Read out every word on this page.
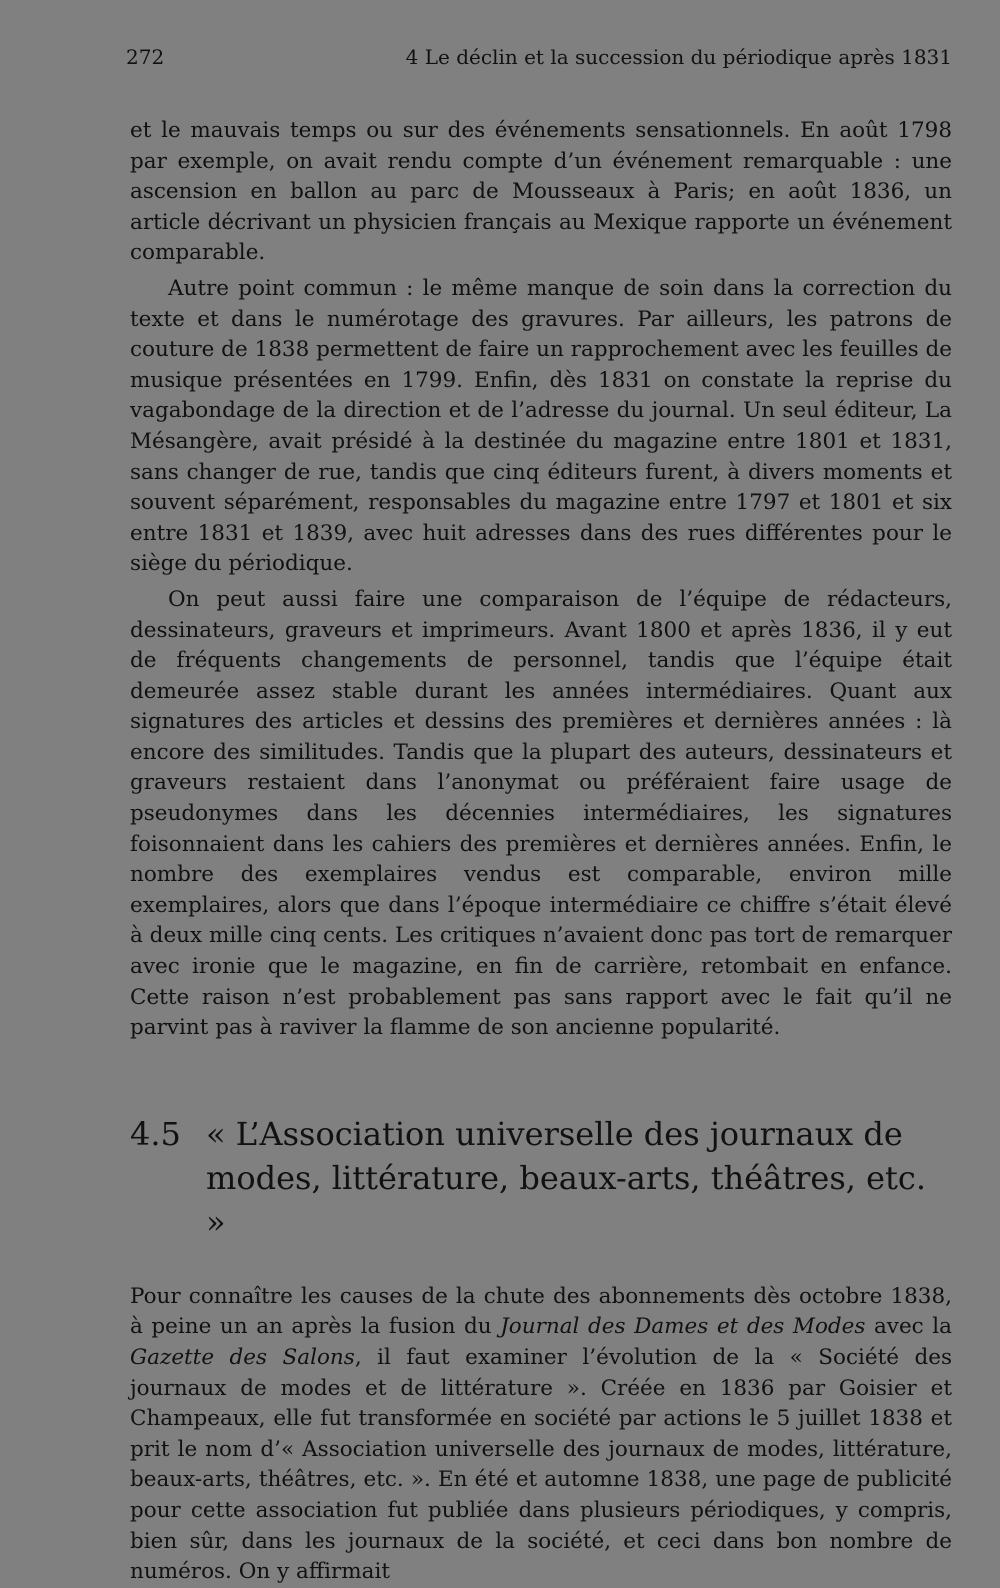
272	4 Le déclin et la succession du périodique après 1831

et le mauvais temps ou sur des événements sensationnels. En août 1798 par exemple, on avait rendu compte d’un événement remarquable : une ascension en ballon au parc de Mousseaux à Paris; en août 1836, un article décrivant un physicien français au Mexique rapporte un événement comparable.

Autre point commun : le même manque de soin dans la correction du texte et dans le numérotage des gravures. Par ailleurs, les patrons de couture de 1838 permettent de faire un rapprochement avec les feuilles de musique présentées en 1799. Enfin, dès 1831 on constate la reprise du vagabondage de la direction et de l’adresse du journal. Un seul éditeur, La Mésangère, avait présidé à la destinée du magazine entre 1801 et 1831, sans changer de rue, tandis que cinq éditeurs furent, à divers moments et souvent séparément, responsables du magazine entre 1797 et 1801 et six entre 1831 et 1839, avec huit adresses dans des rues différentes pour le siège du périodique.

On peut aussi faire une comparaison de l’équipe de rédacteurs, dessinateurs, graveurs et imprimeurs. Avant 1800 et après 1836, il y eut de fréquents changements de personnel, tandis que l’équipe était demeurée assez stable durant les années intermédiaires. Quant aux signatures des articles et dessins des premières et dernières années : là encore des similitudes. Tandis que la plupart des auteurs, dessinateurs et graveurs restaient dans l’anonymat ou préféraient faire usage de pseudonymes dans les décennies intermédiaires, les signatures foisonnaient dans les cahiers des premières et dernières années. Enfin, le nombre des exemplaires vendus est comparable, environ mille exemplaires, alors que dans l’époque intermédiaire ce chiffre s’était élevé à deux mille cinq cents. Les critiques n’avaient donc pas tort de remarquer avec ironie que le magazine, en fin de carrière, retombait en enfance. Cette raison n’est probablement pas sans rapport avec le fait qu’il ne parvint pas à raviver la flamme de son ancienne popularité.

4.5 « L’Association universelle des journaux de modes, littérature, beaux-arts, théâtres, etc. »

Pour connaître les causes de la chute des abonnements dès octobre 1838, à peine un an après la fusion du Journal des Dames et des Modes avec la Gazette des Salons, il faut examiner l’évolution de la « Société des journaux de modes et de littérature ». Créée en 1836 par Goisier et Champeaux, elle fut transformée en société par actions le 5 juillet 1838 et prit le nom d’« Association universelle des journaux de modes, littérature, beaux-arts, théâtres, etc. ». En été et automne 1838, une page de publicité pour cette association fut publiée dans plusieurs périodiques, y compris, bien sûr, dans les journaux de la société, et ceci dans bon nombre de numéros. On y affirmait
